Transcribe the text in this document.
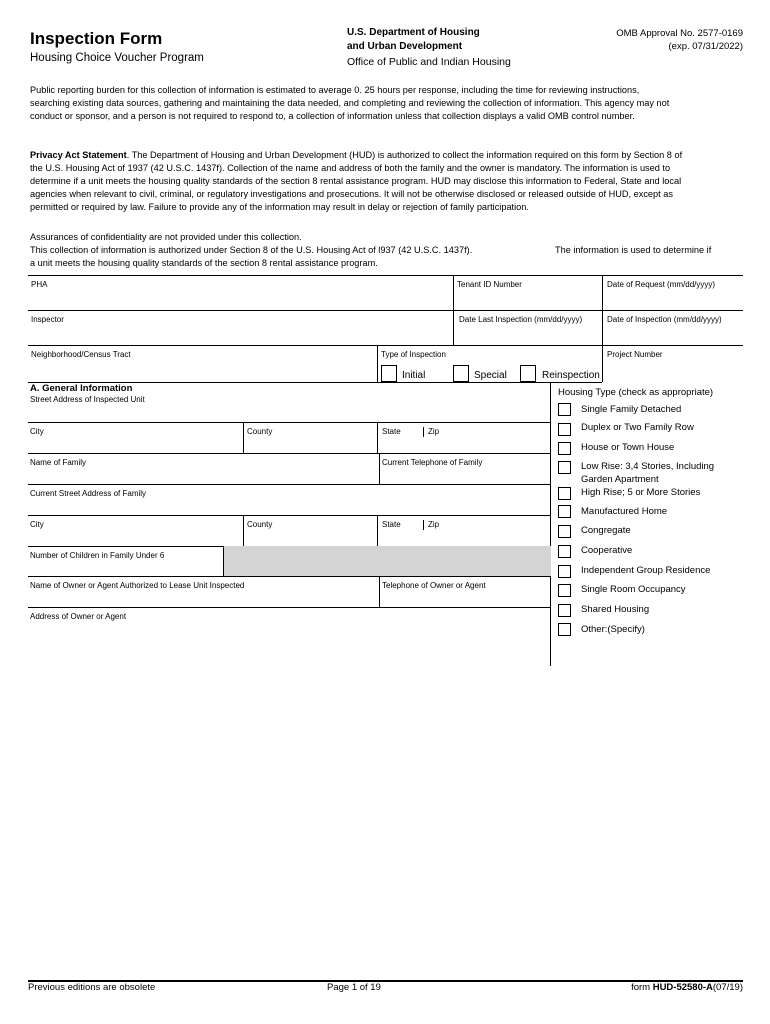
Inspection Form
Housing Choice Voucher Program
U.S. Department of Housing
and Urban Development
Office of Public and Indian Housing
OMB Approval No. 2577-0169
(exp. 07/31/2022)
Public reporting burden for this collection of information is estimated to average 0. 25 hours per response, including the time for reviewing instructions,
searching existing data sources, gathering and maintaining the data needed, and completing and reviewing the collection of information. This agency may not
conduct or sponsor, and a person is not required to respond to, a collection of information unless that collection displays a valid OMB control number.
Privacy Act Statement. The Department of Housing and Urban Development (HUD) is authorized to collect the information required on this form by Section 8 of
the U.S. Housing Act of 1937 (42 U.S.C. 1437f). Collection of the name and address of both the family and the owner is mandatory. The information is used to
determine if a unit meets the housing quality standards of the section 8 rental assistance program. HUD may disclose this information to Federal, State and local
agencies when relevant to civil, criminal, or regulatory investigations and prosecutions. It will not be otherwise disclosed or released outside of HUD, except as
permitted or required by law. Failure to provide any of the information may result in delay or rejection of family participation.
Assurances of confidentiality are not provided under this collection.
This collection of information is authorized under Section 8 of the U.S. Housing Act of l937 (42 U.S.C. 1437f).	The information is used to determine if
a unit meets the housing quality standards of the section 8 rental assistance program.
PHA	Tenant ID Number	Date of Request (mm/dd/yyyy)
Inspector	Date Last Inspection (mm/dd/yyyy)	Date of Inspection (mm/dd/yyyy)
Neighborhood/Census Tract	Type of Inspection	Project Number
Initial	Special	Reinspection
A. General Information
Street Address of Inspected Unit
City	County	State	Zip
Name of Family	Current Telephone of Family
Current Street Address of Family
City	County	State	Zip
Number of Children in Family Under 6
Name of Owner or Agent Authorized to Lease Unit Inspected	Telephone of Owner or Agent
Address of Owner or Agent
Housing Type (check as appropriate)
Single Family Detached
Duplex or Two Family Row
House or Town House
Low Rise: 3,4 Stories, Including
Garden Apartment
High Rise; 5 or More Stories
Manufactured Home
Congregate
Cooperative
Independent Group Residence
Single Room Occupancy
Shared Housing
Other:(Specify)
Previous editions are obsolete	Page 1 of 19	form HUD-52580-A(07/19)
